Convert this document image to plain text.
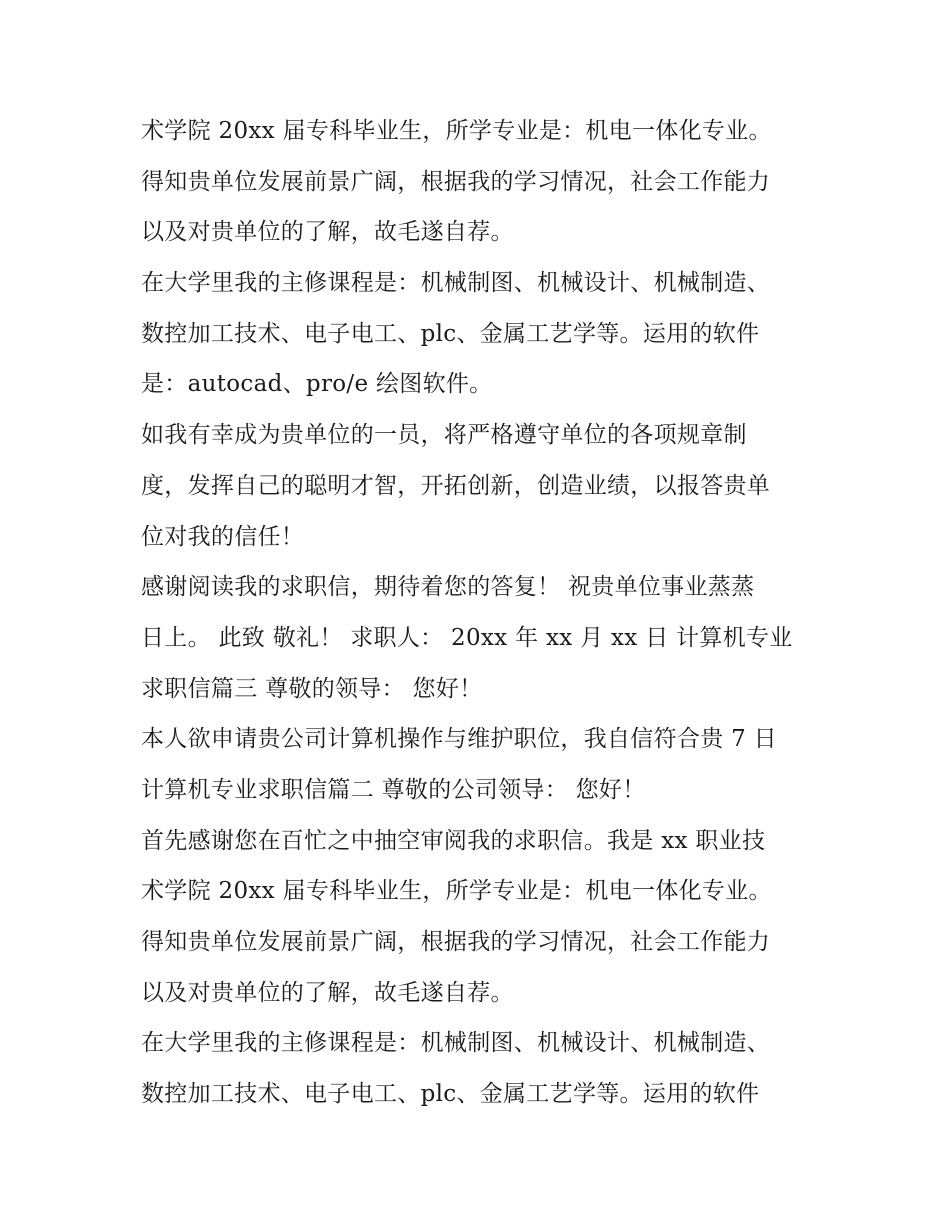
术学院 20xx 届专科毕业生，所学专业是：机电一体化专业。
得知贵单位发展前景广阔，根据我的学习情况，社会工作能力
以及对贵单位的了解，故毛遂自荐。
在大学里我的主修课程是：机械制图、机械设计、机械制造、
数控加工技术、电子电工、plc、金属工艺学等。运用的软件
是：autocad、pro/e 绘图软件。
如我有幸成为贵单位的一员，将严格遵守单位的各项规章制
度，发挥自己的聪明才智，开拓创新，创造业绩，以报答贵单
位对我的信任！
感谢阅读我的求职信，期待着您的答复！ 祝贵单位事业蒸蒸
日上。 此致 敬礼！ 求职人： 20xx 年 xx 月 xx 日 计算机专业
求职信篇三 尊敬的领导： 您好！
本人欲申请贵公司计算机操作与维护职位，我自信符合贵 7 日
计算机专业求职信篇二 尊敬的公司领导： 您好！
首先感谢您在百忙之中抽空审阅我的求职信。我是 xx 职业技
术学院 20xx 届专科毕业生，所学专业是：机电一体化专业。
得知贵单位发展前景广阔，根据我的学习情况，社会工作能力
以及对贵单位的了解，故毛遂自荐。
在大学里我的主修课程是：机械制图、机械设计、机械制造、
数控加工技术、电子电工、plc、金属工艺学等。运用的软件
